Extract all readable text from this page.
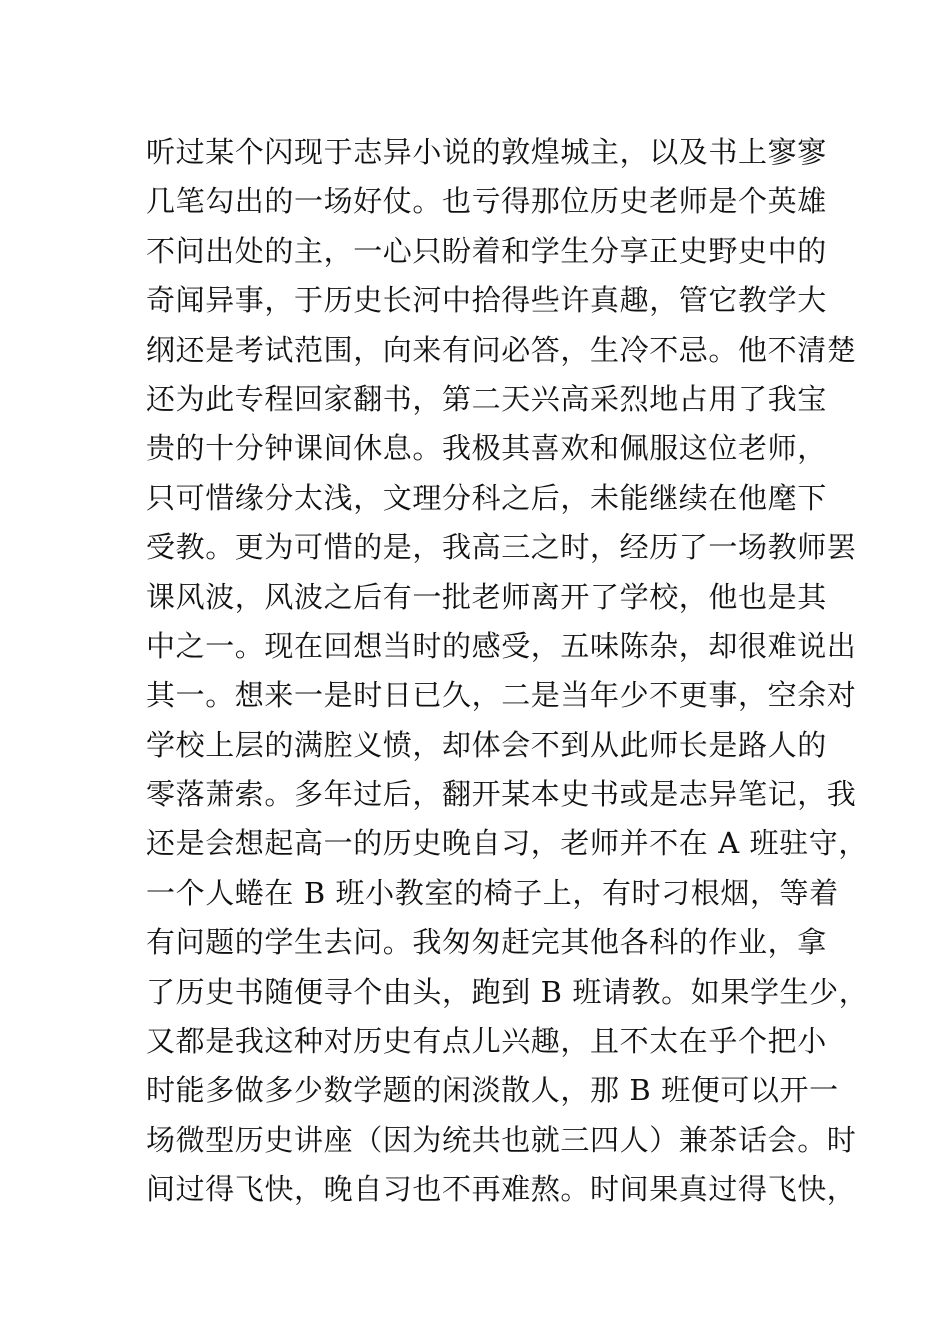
听过某个闪现于志异小说的敦煌城主，以及书上寥寥
几笔勾出的一场好仗。也亏得那位历史老师是个英雄
不问出处的主，一心只盼着和学生分享正史野史中的
奇闻异事，于历史长河中拾得些许真趣，管它教学大
纲还是考试范围，向来有问必答，生冷不忌。他不清楚
还为此专程回家翻书，第二天兴高采烈地占用了我宝
贵的十分钟课间休息。我极其喜欢和佩服这位老师，
只可惜缘分太浅，文理分科之后，未能继续在他麾下
受教。更为可惜的是，我高三之时，经历了一场教师罢
课风波，风波之后有一批老师离开了学校，他也是其
中之一。现在回想当时的感受，五味陈杂，却很难说出
其一。想来一是时日已久，二是当年少不更事，空余对
学校上层的满腔义愤，却体会不到从此师长是路人的
零落萧索。多年过后，翻开某本史书或是志异笔记，我
还是会想起高一的历史晚自习，老师并不在 A 班驻守，
一个人蜷在 B 班小教室的椅子上，有时刁根烟，等着
有问题的学生去问。我匆匆赶完其他各科的作业，拿
了历史书随便寻个由头，跑到 B 班请教。如果学生少，
又都是我这种对历史有点儿兴趣，且不太在乎个把小
时能多做多少数学题的闲淡散人，那 B 班便可以开一
场微型历史讲座（因为统共也就三四人）兼茶话会。时
间过得飞快，晚自习也不再难熬。时间果真过得飞快，
